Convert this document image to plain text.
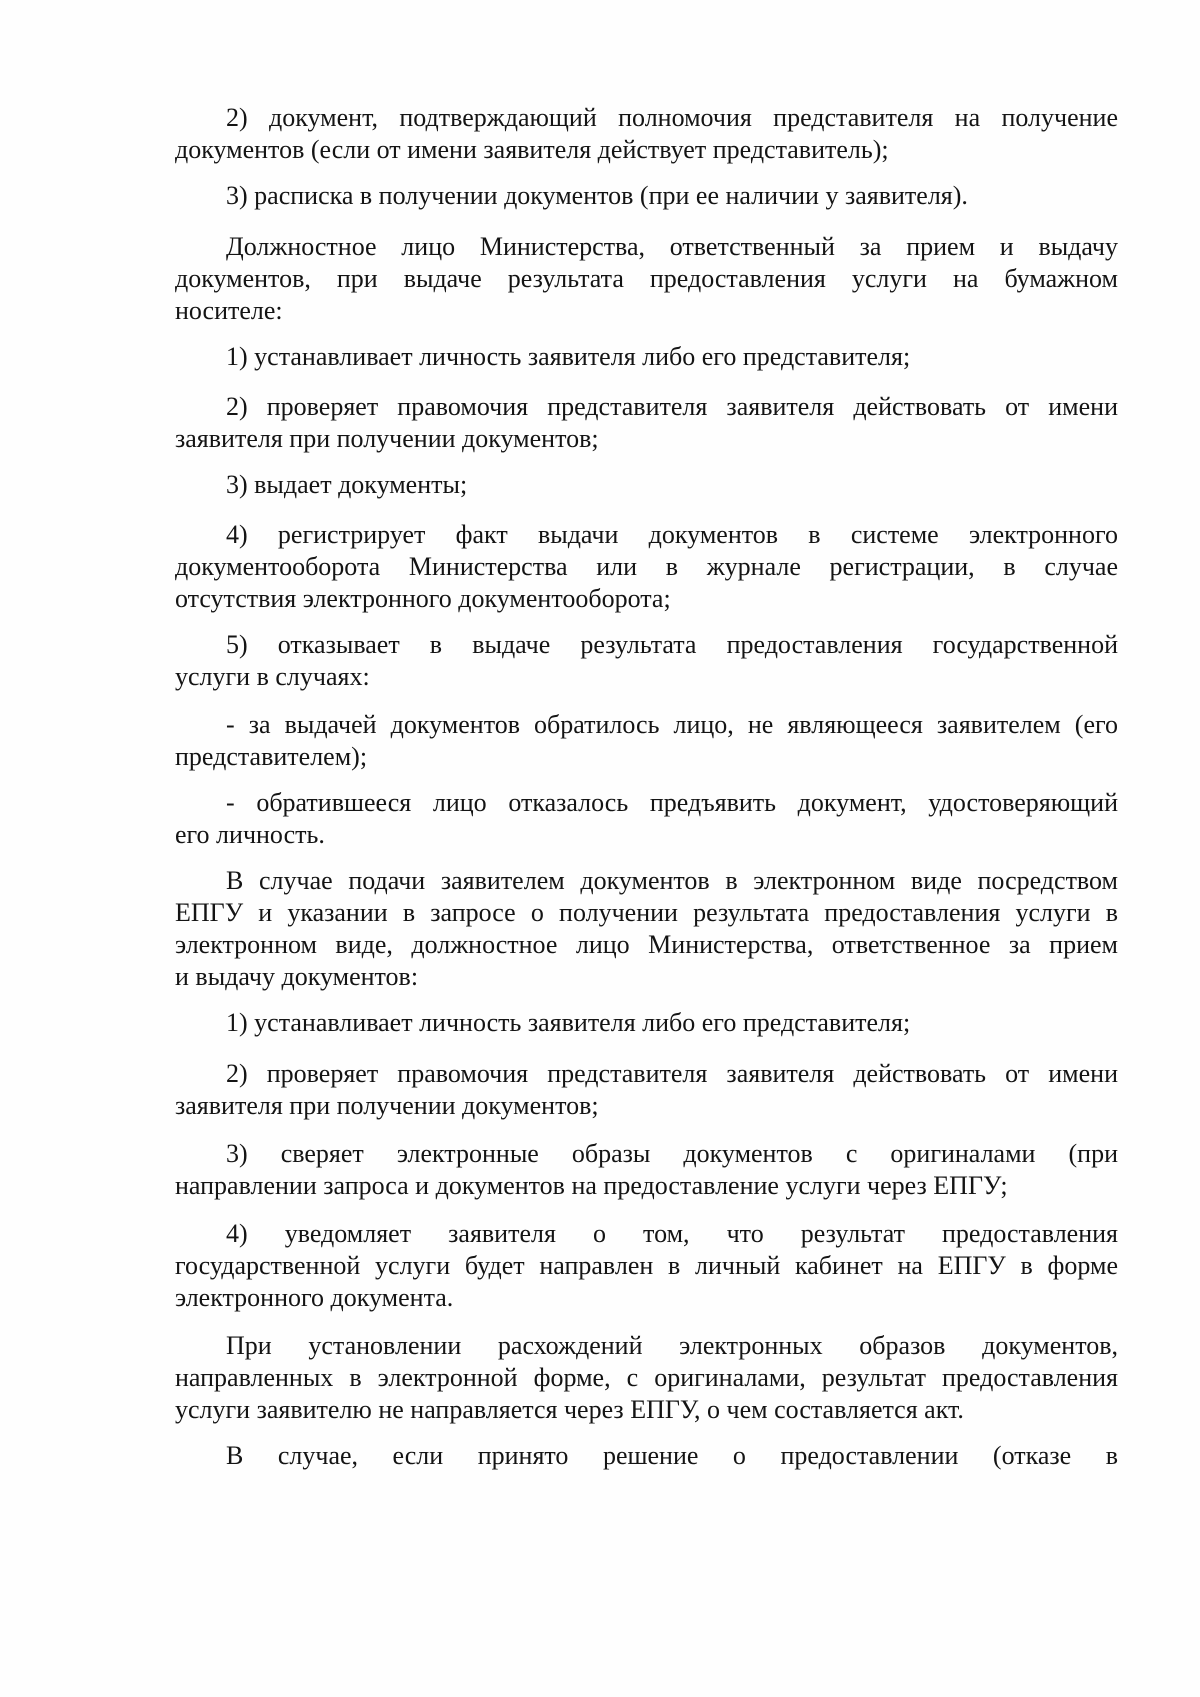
2) документ, подтверждающий полномочия представителя на получение
документов (если от имени заявителя действует представитель);
3) расписка в получении документов (при ее наличии у заявителя).
Должностное лицо Министерства, ответственный за прием и выдачу
документов, при выдаче результата предоставления услуги на бумажном
носителе:
1) устанавливает личность заявителя либо его представителя;
2) проверяет правомочия представителя заявителя действовать от имени
заявителя при получении документов;
3) выдает документы;
4) регистрирует факт выдачи документов в системе электронного
документооборота Министерства или в журнале регистрации, в случае
отсутствия электронного документооборота;
5) отказывает в выдаче результата предоставления государственной
услуги в случаях:
- за выдачей документов обратилось лицо, не являющееся заявителем (его
представителем);
- обратившееся лицо отказалось предъявить документ, удостоверяющий
его личность.
В случае подачи заявителем документов в электронном виде посредством
ЕПГУ и указании в запросе о получении результата предоставления услуги в
электронном виде, должностное лицо Министерства, ответственное за прием
и выдачу документов:
1) устанавливает личность заявителя либо его представителя;
2) проверяет правомочия представителя заявителя действовать от имени
заявителя при получении документов;
3) сверяет электронные образы документов с оригиналами (при
направлении запроса и документов на предоставление услуги через ЕПГУ;
4) уведомляет заявителя о том, что результат предоставления
государственной услуги будет направлен в личный кабинет на ЕПГУ в форме
электронного документа.
При установлении расхождений электронных образов документов,
направленных в электронной форме, с оригиналами, результат предоставления
услуги заявителю не направляется через ЕПГУ, о чем составляется акт.
В случае, если принято решение о предоставлении (отказе в
